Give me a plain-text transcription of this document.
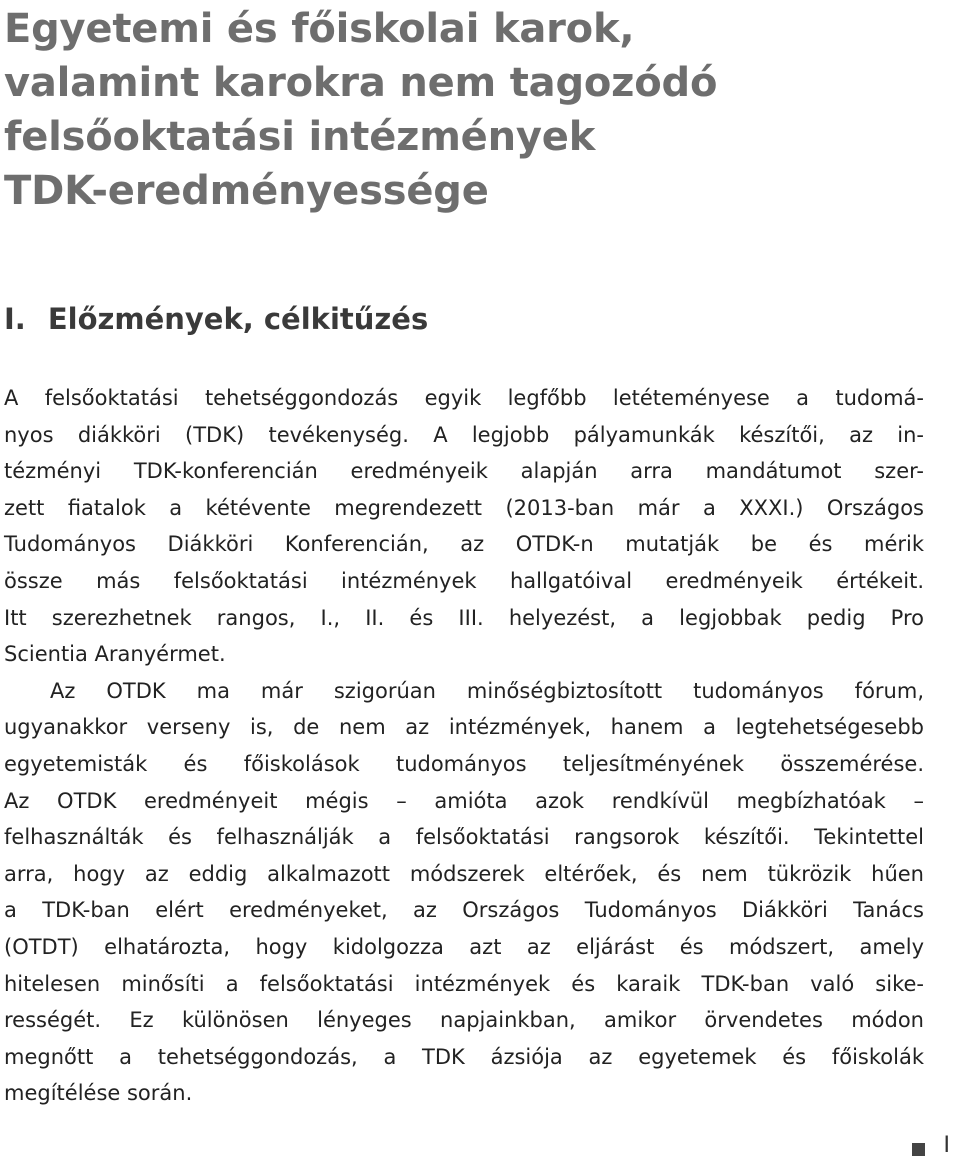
Egyetemi és főiskolai karok,
valamint karokra nem tagozódó
felsőoktatási intézmények
TDK-eredményessége
I. Előzmények, célkitűzés
A felsőoktatási tehetséggondozás egyik legfőbb letéteményese a tudomá-
nyos diákköri (TDK) tevékenység. A legjobb pályamunkák készítői, az in-
tézményi TDK-konferencián eredményeik alapján arra mandátumot szer-
zett fiatalok a kétévente megrendezett (2013-ban már a XXXI.) Országos
Tudományos Diákköri Konferencián, az OTDK-n mutatják be és mérik
össze más felsőoktatási intézmények hallgatóival eredményeik értékeit.
Itt szerezhetnek rangos, I., II. és III. helyezést, a legjobbak pedig Pro
Scientia Aranyérmet.
Az OTDK ma már szigorúan minőségbiztosított tudományos fórum,
ugyanakkor verseny is, de nem az intézmények, hanem a legtehetségesebb
egyetemisták és főiskolások tudományos teljesítményének összemérése.
Az OTDK eredményeit mégis – amióta azok rendkívül megbízhatóak –
felhasználták és felhasználják a felsőoktatási rangsorok készítői. Tekintettel
arra, hogy az eddig alkalmazott módszerek eltérőek, és nem tükrözik hűen
a TDK-ban elért eredményeket, az Országos Tudományos Diákköri Tanács
(OTDT) elhatározta, hogy kidolgozza azt az eljárást és módszert, amely
hitelesen minősíti a felsőoktatási intézmények és karaik TDK-ban való sike-
rességét. Ez különösen lényeges napjainkban, amikor örvendetes módon
megnőtt a tehetséggondozás, a TDK ázsiója az egyetemek és főiskolák
megítélése során.
I
